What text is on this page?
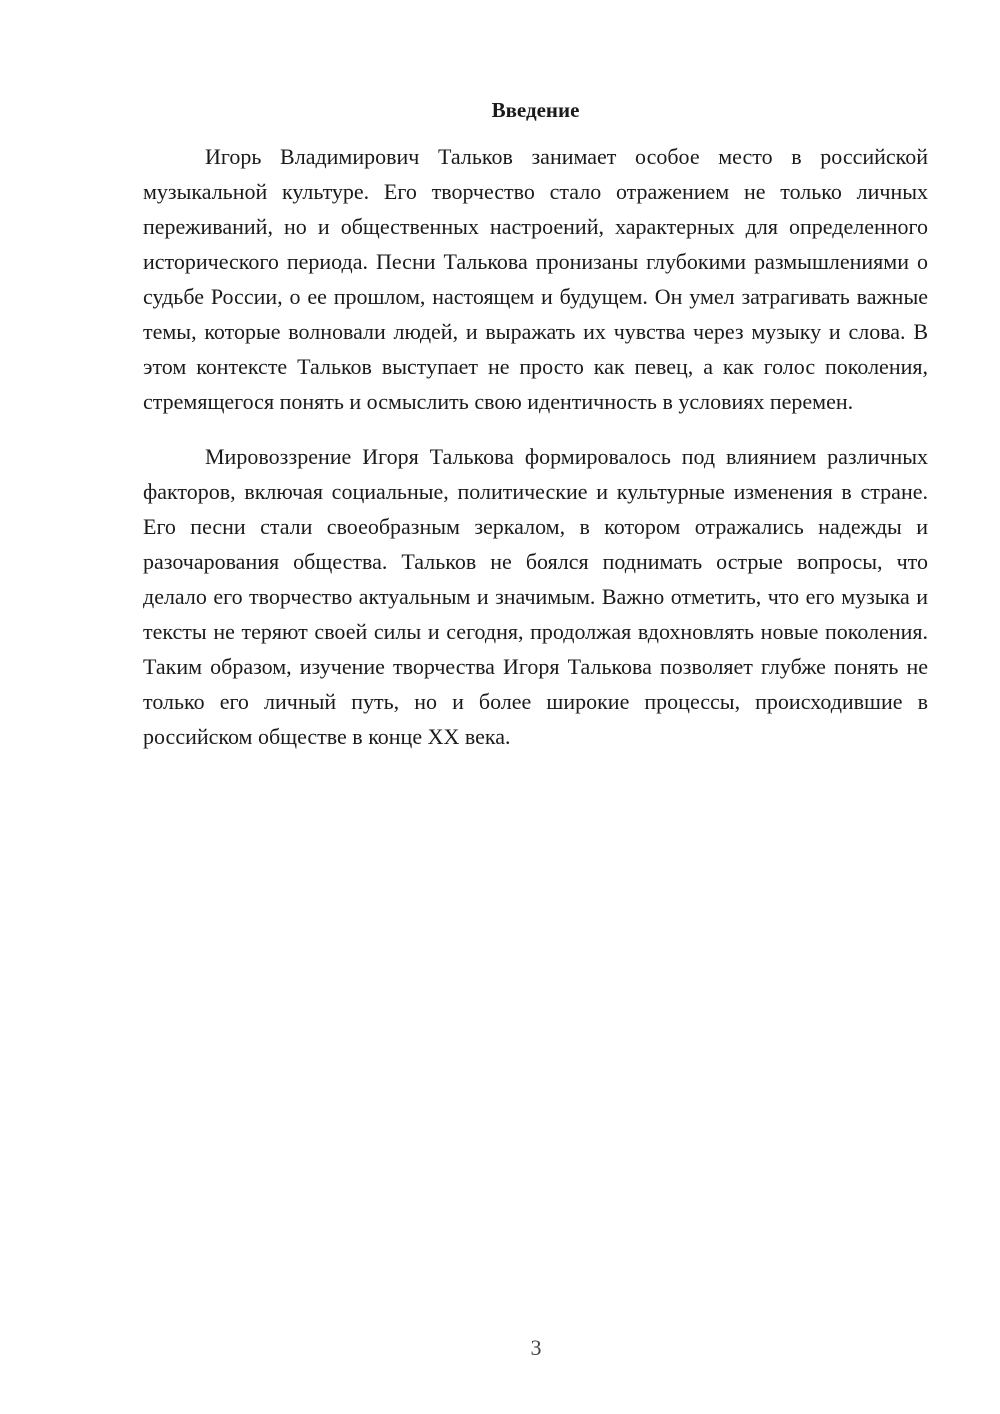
Введение

Игорь Владимирович Тальков занимает особое место в российской музыкальной культуре. Его творчество стало отражением не только личных переживаний, но и общественных настроений, характерных для определенного исторического периода. Песни Талькова пронизаны глубокими размышлениями о судьбе России, о ее прошлом, настоящем и будущем. Он умел затрагивать важные темы, которые волновали людей, и выражать их чувства через музыку и слова. В этом контексте Тальков выступает не просто как певец, а как голос поколения, стремящегося понять и осмыслить свою идентичность в условиях перемен.

Мировоззрение Игоря Талькова формировалось под влиянием различных факторов, включая социальные, политические и культурные изменения в стране. Его песни стали своеобразным зеркалом, в котором отражались надежды и разочарования общества. Тальков не боялся поднимать острые вопросы, что делало его творчество актуальным и значимым. Важно отметить, что его музыка и тексты не теряют своей силы и сегодня, продолжая вдохновлять новые поколения. Таким образом, изучение творчества Игоря Талькова позволяет глубже понять не только его личный путь, но и более широкие процессы, происходившие в российском обществе в конце XX века.

3
